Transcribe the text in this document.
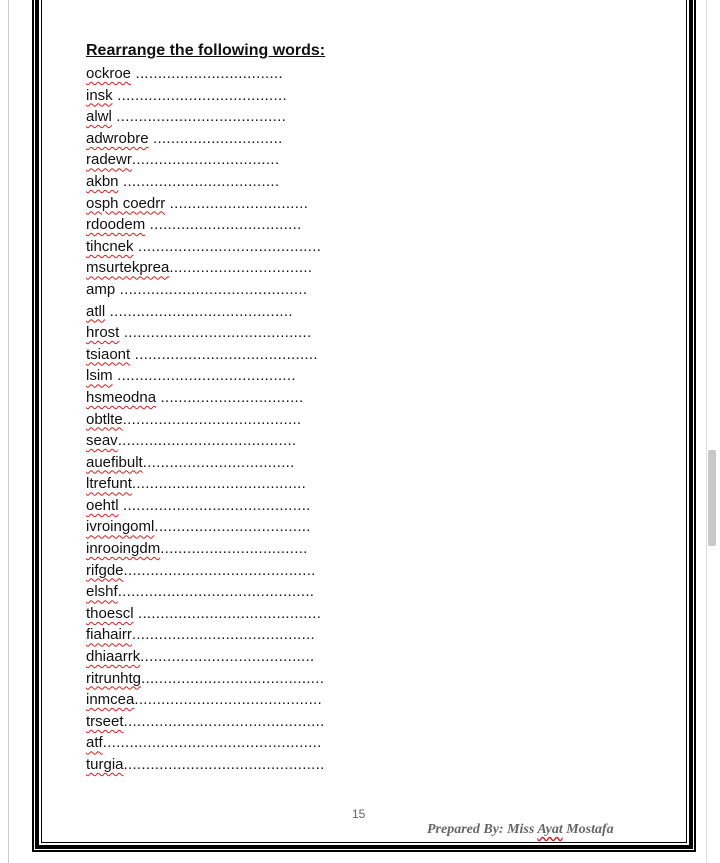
Rearrange the following words:
ockroe .................................
insk ......................................
alwl ......................................
adwrobre .............................
radewr.................................
akbn ...................................
osph coedrr ...............................
rdoodem ..................................
tihcnek .........................................
msurtekprea................................
amp ..........................................
atll .........................................
hrost ..........................................
tsiaont .........................................
lsim ........................................
hsmeodna ................................
obtlte........................................
seav........................................
auefibult..................................
ltrefunt.......................................
oehtl ..........................................
ivroingoml...................................
inrooingdm.................................
rifgde...........................................
elshf............................................
thoescl .........................................
fiahairr.........................................
dhiaarrk.......................................
ritrunhtg.........................................
inmcea..........................................
trseet.............................................
atf.................................................
turgia.............................................
15
Prepared By: Miss Ayat Mostafa
